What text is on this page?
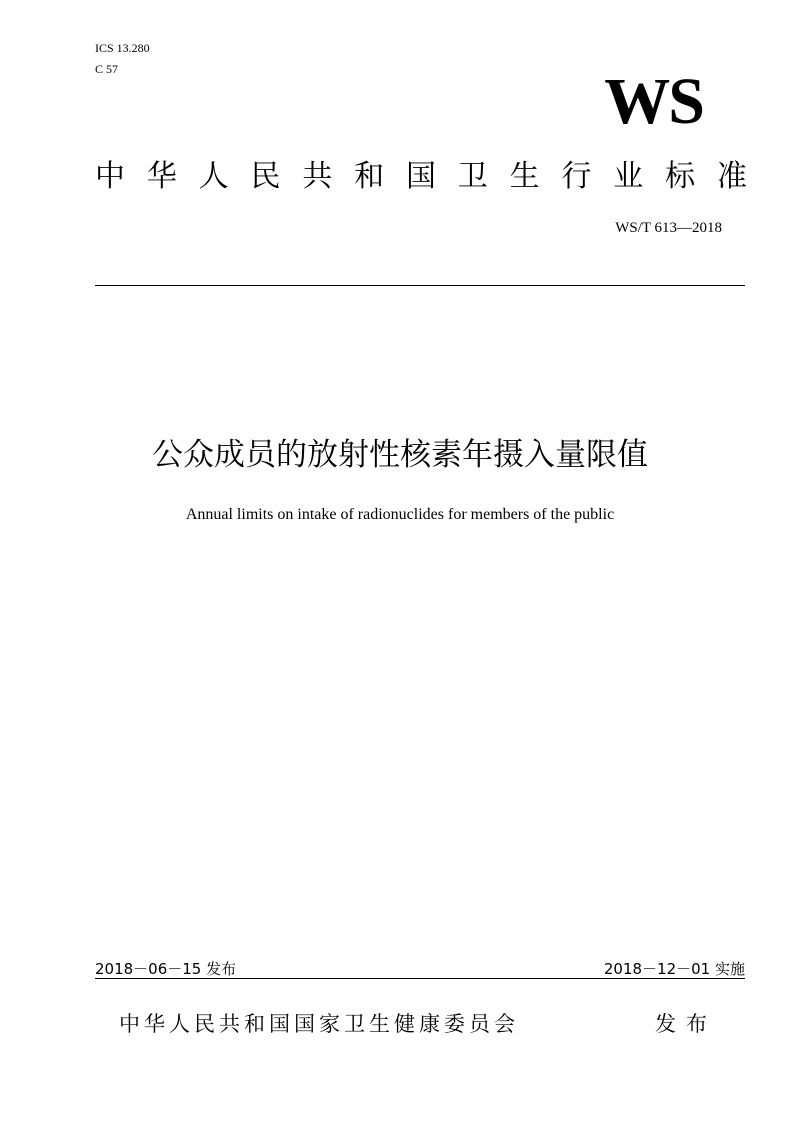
ICS 13.280
C 57	WS
中 华 人 民 共 和 国 卫 生 行 业 标 准
WS/T 613—2018
公众成员的放射性核素年摄入量限值
Annual limits on intake of radionuclides for members of the public
2018－06－15 发布	2018－12－01 实施
中华人民共和国国家卫生健康委员会	发布
